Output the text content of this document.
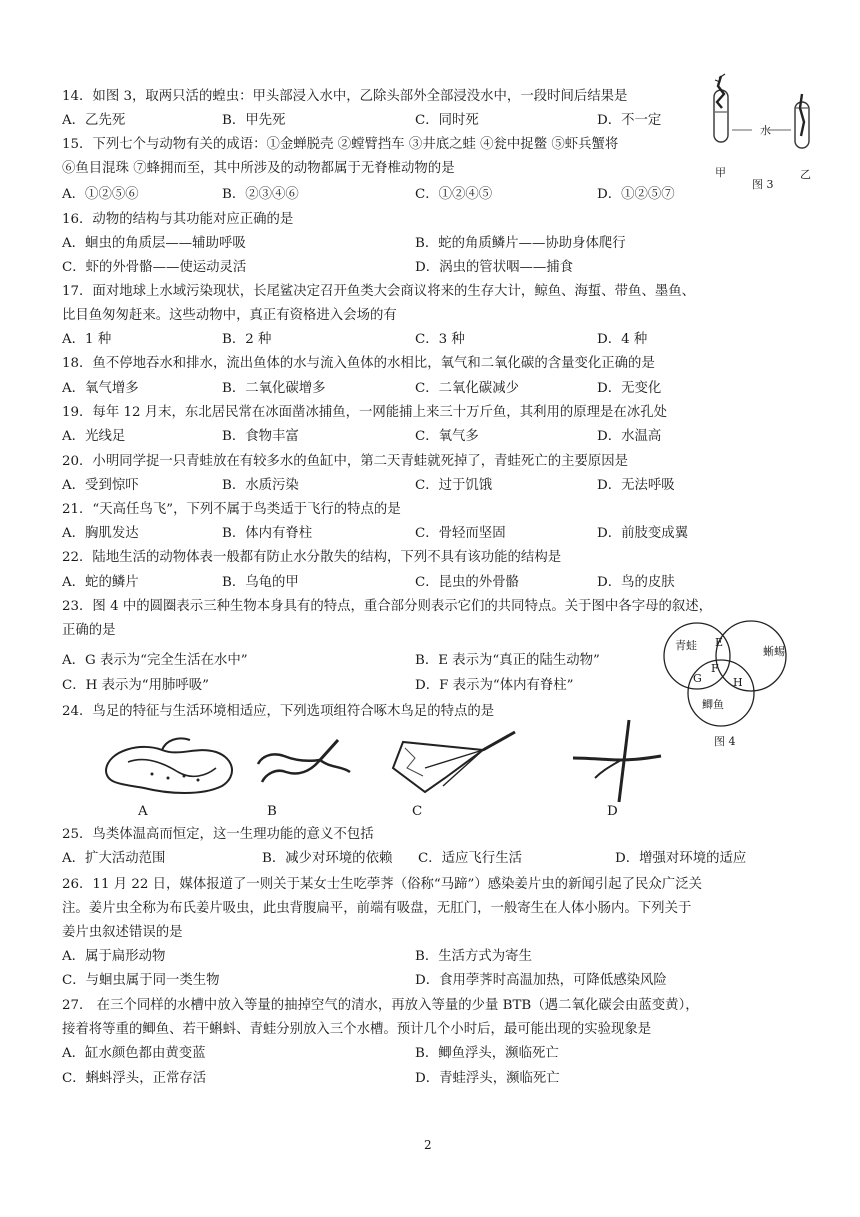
14．如图 3，取两只活的蝗虫：甲头部浸入水中，乙除头部外全部浸没水中，一段时间后结果是
A．乙先死	B．甲先死	C．同时死	D．不一定
水
甲	乙
图 3
15．下列七个与动物有关的成语：①金蝉脱壳 ②螳臂挡车 ③井底之蛙 ④瓮中捉鳖 ⑤虾兵蟹将
⑥鱼目混珠 ⑦蜂拥而至，其中所涉及的动物都属于无脊椎动物的是
A．①②⑤⑥	B．②③④⑥	C．①②④⑤	D．①②⑤⑦
16．动物的结构与其功能对应正确的是
A．蛔虫的角质层——辅助呼吸	B．蛇的角质鳞片——协助身体爬行
C．虾的外骨骼——使运动灵活	D．涡虫的管状咽——捕食
17．面对地球上水域污染现状，长尾鲨决定召开鱼类大会商议将来的生存大计，鲸鱼、海蜇、带鱼、墨鱼、
比目鱼匆匆赶来。这些动物中，真正有资格进入会场的有
A．1 种	B．2 种	C．3 种	D．4 种
18．鱼不停地吞水和排水，流出鱼体的水与流入鱼体的水相比，氧气和二氧化碳的含量变化正确的是
A．氧气增多	B．二氧化碳增多	C．二氧化碳减少	D．无变化
19．每年 12 月末，东北居民常在冰面凿冰捕鱼，一网能捕上来三十万斤鱼，其利用的原理是在冰孔处
A．光线足	B．食物丰富	C．氧气多	D．水温高
20．小明同学捉一只青蛙放在有较多水的鱼缸中，第二天青蛙就死掉了，青蛙死亡的主要原因是
A．受到惊吓	B．水质污染	C．过于饥饿	D．无法呼吸
21．“天高任鸟飞”，下列不属于鸟类适于飞行的特点的是
A．胸肌发达	B．体内有脊柱	C．骨轻而坚固	D．前肢变成翼
22．陆地生活的动物体表一般都有防止水分散失的结构，下列不具有该功能的结构是
A．蛇的鳞片	B．乌龟的甲	C．昆虫的外骨骼	D．鸟的皮肤
23．图 4 中的圆圈表示三种生物本身具有的特点，重合部分则表示它们的共同特点。关于图中各字母的叙述，
正确的是
A．G 表示为“完全生活在水中”	B．E 表示为“真正的陆生动物”
C．H 表示为“用肺呼吸”	D．F 表示为“体内有脊柱”
青蛙	蜥蜴
鲫鱼
E
F
G	H
图 4
24．鸟足的特征与生活环境相适应，下列选项组符合啄木鸟足的特点的是
A	B	C	D
25．鸟类体温高而恒定，这一生理功能的意义不包括
A．扩大活动范围	B．减少对环境的依赖 C．适应飞行生活	D．增强对环境的适应
26．11 月 22 日，媒体报道了一则关于某女士生吃荸荠（俗称“马蹄”）感染姜片虫的新闻引起了民众广泛关
注。姜片虫全称为布氏姜片吸虫，此虫背腹扁平，前端有吸盘，无肛门，一般寄生在人体小肠内。下列关于
姜片虫叙述错误的是
A．属于扁形动物	B．生活方式为寄生
C．与蛔虫属于同一类生物	D．食用荸荠时高温加热，可降低感染风险
27． 在三个同样的水槽中放入等量的抽掉空气的清水，再放入等量的少量 BTB（遇二氧化碳会由蓝变黄），
接着将等重的鲫鱼、若干蝌蚪、青蛙分别放入三个水槽。预计几个小时后，最可能出现的实验现象是
A．缸水颜色都由黄变蓝	B．鲫鱼浮头，濒临死亡
C．蝌蚪浮头，正常存活	D．青蛙浮头，濒临死亡
2
